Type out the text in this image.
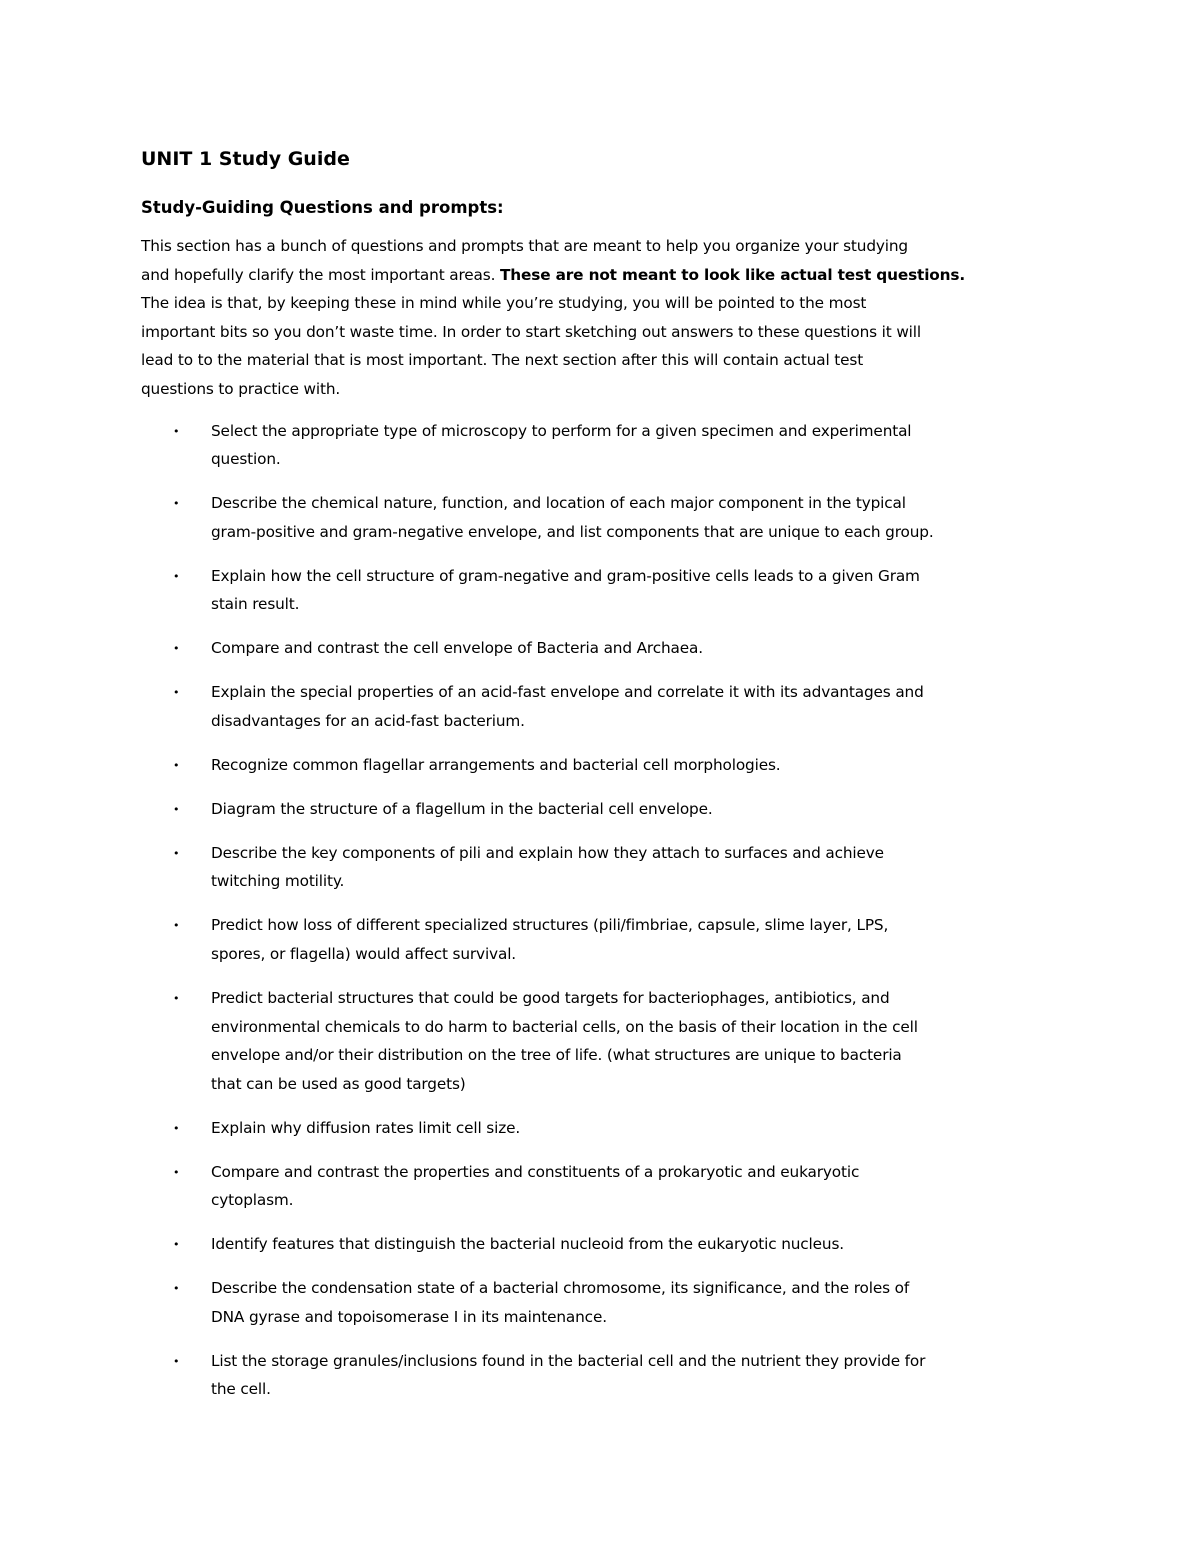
UNIT 1 Study Guide
Study-Guiding Questions and prompts:

This section has a bunch of questions and prompts that are meant to help you organize your studying
and hopefully clarify the most important areas. These are not meant to look like actual test questions.
The idea is that, by keeping these in mind while you’re studying, you will be pointed to the most
important bits so you don’t waste time. In order to start sketching out answers to these questions it will
lead to to the material that is most important. The next section after this will contain actual test
questions to practice with.

• Select the appropriate type of microscopy to perform for a given specimen and experimental
question.
• Describe the chemical nature, function, and location of each major component in the typical
gram-positive and gram-negative envelope, and list components that are unique to each group.
• Explain how the cell structure of gram-negative and gram-positive cells leads to a given Gram
stain result.
• Compare and contrast the cell envelope of Bacteria and Archaea.
• Explain the special properties of an acid-fast envelope and correlate it with its advantages and
disadvantages for an acid-fast bacterium.
• Recognize common flagellar arrangements and bacterial cell morphologies.
• Diagram the structure of a flagellum in the bacterial cell envelope.
• Describe the key components of pili and explain how they attach to surfaces and achieve
twitching motility.
• Predict how loss of different specialized structures (pili/fimbriae, capsule, slime layer, LPS,
spores, or flagella) would affect survival.
• Predict bacterial structures that could be good targets for bacteriophages, antibiotics, and
environmental chemicals to do harm to bacterial cells, on the basis of their location in the cell
envelope and/or their distribution on the tree of life. (what structures are unique to bacteria
that can be used as good targets)
• Explain why diffusion rates limit cell size.
• Compare and contrast the properties and constituents of a prokaryotic and eukaryotic
cytoplasm.
• Identify features that distinguish the bacterial nucleoid from the eukaryotic nucleus.
• Describe the condensation state of a bacterial chromosome, its significance, and the roles of
DNA gyrase and topoisomerase I in its maintenance.
• List the storage granules/inclusions found in the bacterial cell and the nutrient they provide for
the cell.
